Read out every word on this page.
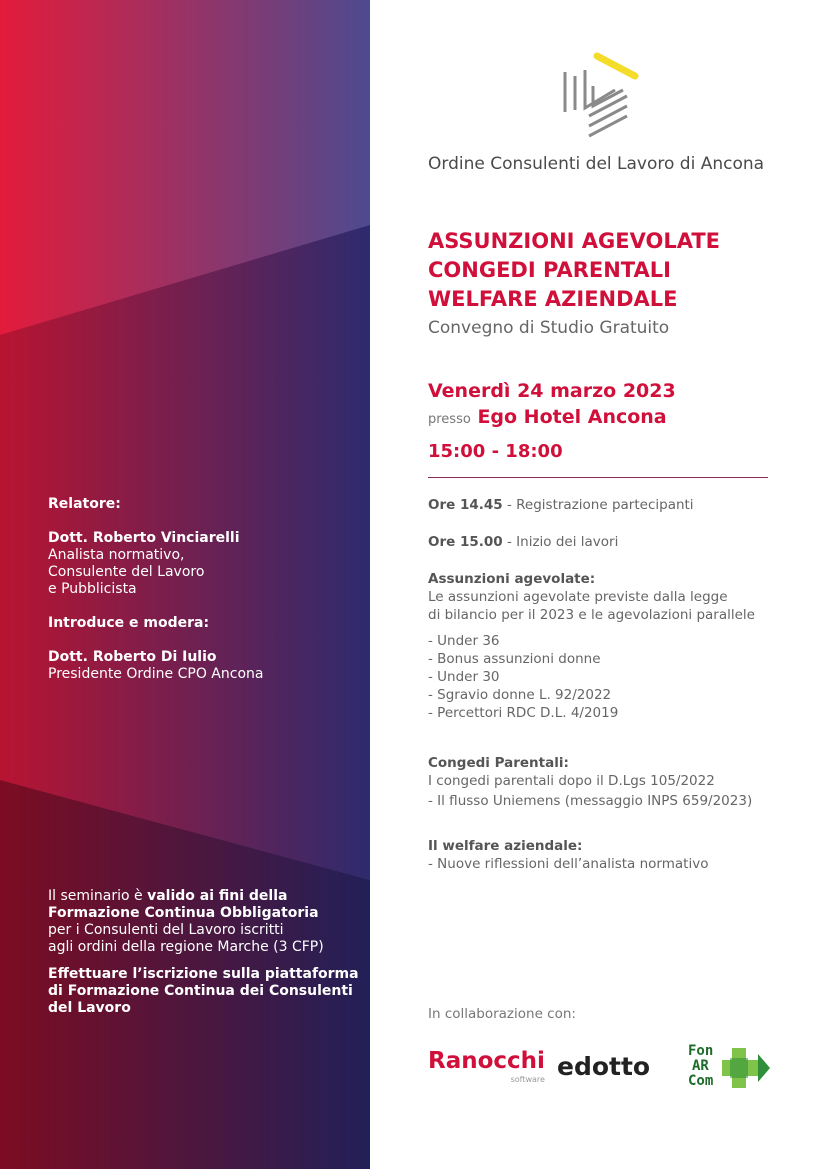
Relatore:

Dott. Roberto Vinciarelli
Analista normativo,
Consulente del Lavoro
e Pubblicista

Introduce e modera:

Dott. Roberto Di Iulio
Presidente Ordine CPO Ancona
Il seminario è valido ai fini della
Formazione Continua Obbligatoria
per i Consulenti del Lavoro iscritti
agli ordini della regione Marche (3 CFP)
Effettuare l’iscrizione sulla piattaforma
di Formazione Continua dei Consulenti
del Lavoro
Ordine Consulenti del Lavoro di Ancona
ASSUNZIONI AGEVOLATE
CONGEDI PARENTALI
WELFARE AZIENDALE
Convegno di Studio Gratuito
Venerdì 24 marzo 2023
presso Ego Hotel Ancona
15:00 - 18:00
Ore 14.45 - Registrazione partecipanti
Ore 15.00 - Inizio dei lavori
Assunzioni agevolate:
Le assunzioni agevolate previste dalla legge
di bilancio per il 2023 e le agevolazioni parallele
- Under 36
- Bonus assunzioni donne
- Under 30
- Sgravio donne L. 92/2022
- Percettori RDC D.L. 4/2019
Congedi Parentali:
I congedi parentali dopo il D.Lgs 105/2022
- Il flusso Uniemens (messaggio INPS 659/2023)
Il welfare aziendale:
- Nuove riflessioni dell’analista normativo
In collaborazione con:
Ranocchi
software edotto
Fon
AR
Com
